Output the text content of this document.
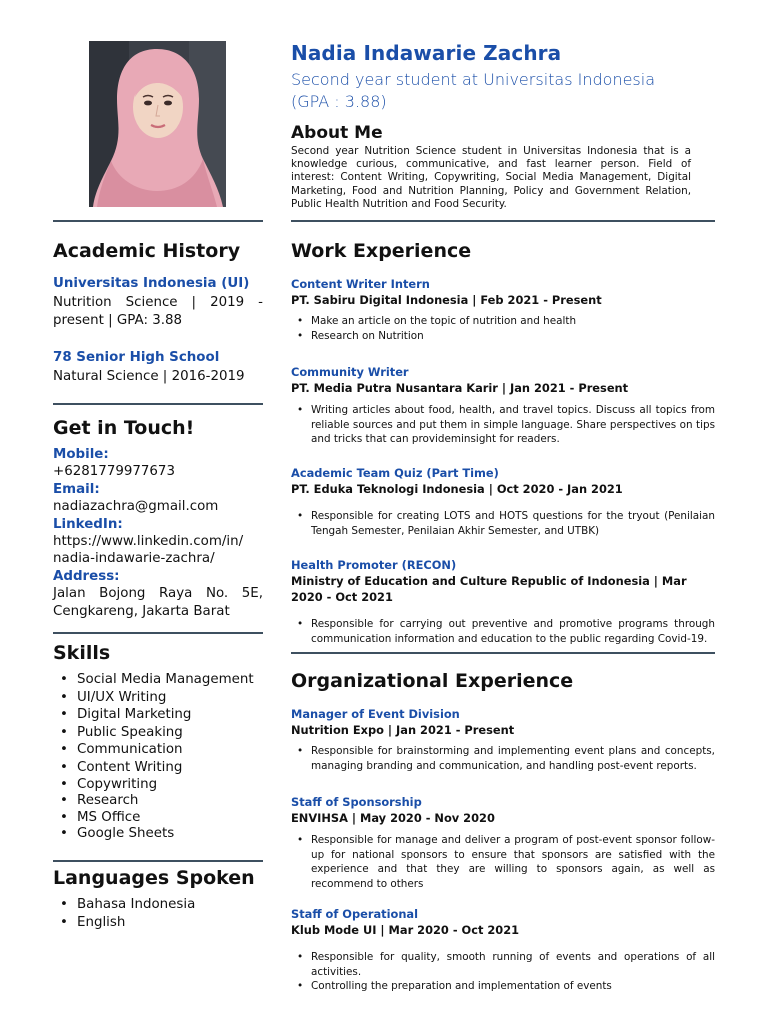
Nadia Indawarie Zachra
Second year student at Universitas Indonesia (GPA : 3.88)
About Me
Second year Nutrition Science student in Universitas Indonesia that is a knowledge curious, communicative, and fast learner person. Field of interest: Content Writing, Copywriting, Social Media Management, Digital Marketing, Food and Nutrition Planning, Policy and Government Relation, Public Health Nutrition and Food Security.
Academic History
Universitas Indonesia (UI)
Nutrition Science | 2019 - present | GPA: 3.88
78 Senior High School
Natural Science | 2016-2019
Get in Touch!
Mobile:
+6281779977673
Email:
nadiazachra@gmail.com
LinkedIn:
https://www.linkedin.com/in/ nadia-indawarie-zachra/
Address:
Jalan Bojong Raya No. 5E, Cengkareng, Jakarta Barat
Skills
• Social Media Management
• UI/UX Writing
• Digital Marketing
• Public Speaking
• Communication
• Content Writing
• Copywriting
• Research
• MS Office
• Google Sheets
Languages Spoken
• Bahasa Indonesia
• English
Work Experience
Content Writer Intern
PT. Sabiru Digital Indonesia | Feb 2021 - Present
• Make an article on the topic of nutrition and health
• Research on Nutrition
Community Writer
PT. Media Putra Nusantara Karir | Jan 2021 - Present
• Writing articles about food, health, and travel topics. Discuss all topics from reliable sources and put them in simple language. Share perspectives on tips and tricks that can provideminsight for readers.
Academic Team Quiz (Part Time)
PT. Eduka Teknologi Indonesia | Oct 2020 - Jan 2021
• Responsible for creating LOTS and HOTS questions for the tryout (Penilaian Tengah Semester, Penilaian Akhir Semester, and UTBK)
Health Promoter (RECON)
Ministry of Education and Culture Republic of Indonesia | Mar 2020 - Oct 2021
• Responsible for carrying out preventive and promotive programs through communication information and education to the public regarding Covid-19.
Organizational Experience
Manager of Event Division
Nutrition Expo | Jan 2021 - Present
• Responsible for brainstorming and implementing event plans and concepts, managing branding and communication, and handling post-event reports.
Staff of Sponsorship
ENVIHSA | May 2020 - Nov 2020
• Responsible for manage and deliver a program of post-event sponsor follow-up for national sponsors to ensure that sponsors are satisfied with the experience and that they are willing to sponsors again, as well as recommend to others
Staff of Operational
Klub Mode UI | Mar 2020 - Oct 2021
• Responsible for quality, smooth running of events and operations of all activities.
• Controlling the preparation and implementation of events
